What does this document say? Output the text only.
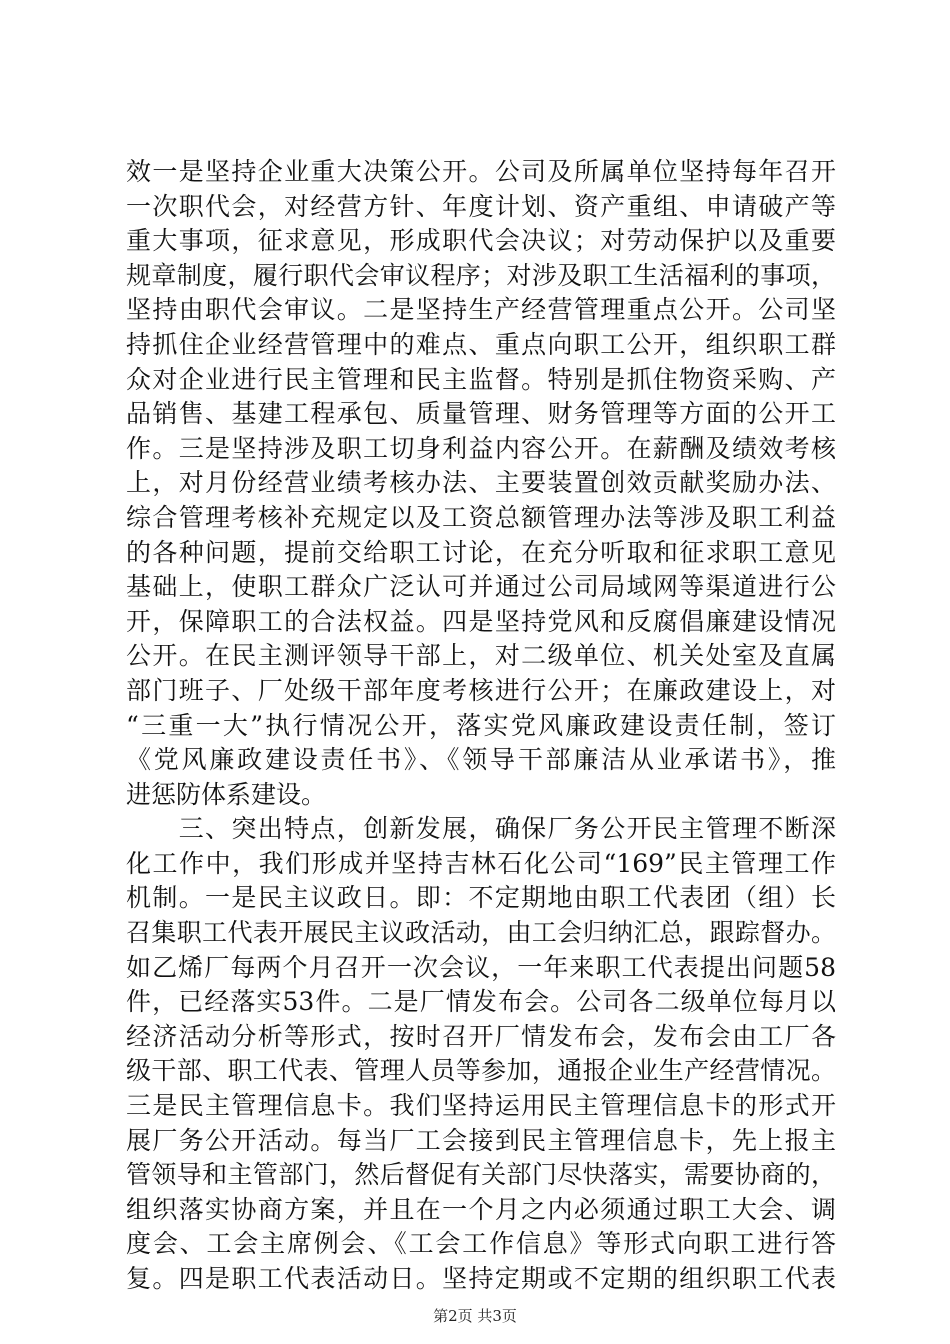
效一是坚持企业重大决策公开。公司及所属单位坚持每年召开
一次职代会，对经营方针、年度计划、资产重组、申请破产等
重大事项，征求意见，形成职代会决议；对劳动保护以及重要
规章制度，履行职代会审议程序；对涉及职工生活福利的事项，
坚持由职代会审议。二是坚持生产经营管理重点公开。公司坚
持抓住企业经营管理中的难点、重点向职工公开，组织职工群
众对企业进行民主管理和民主监督。特别是抓住物资采购、产
品销售、基建工程承包、质量管理、财务管理等方面的公开工
作。三是坚持涉及职工切身利益内容公开。在薪酬及绩效考核
上，对月份经营业绩考核办法、主要装置创效贡献奖励办法、
综合管理考核补充规定以及工资总额管理办法等涉及职工利益
的各种问题，提前交给职工讨论，在充分听取和征求职工意见
基础上，使职工群众广泛认可并通过公司局域网等渠道进行公
开，保障职工的合法权益。四是坚持党风和反腐倡廉建设情况
公开。在民主测评领导干部上，对二级单位、机关处室及直属
部门班子、厂处级干部年度考核进行公开；在廉政建设上，对
“三重一大”执行情况公开，落实党风廉政建设责任制，签订
《党风廉政建设责任书》、《领导干部廉洁从业承诺书》，推
进惩防体系建设。
　　三、突出特点，创新发展，确保厂务公开民主管理不断深
化工作中，我们形成并坚持吉林石化公司“169”民主管理工作
机制。一是民主议政日。即：不定期地由职工代表团（组）长
召集职工代表开展民主议政活动，由工会归纳汇总，跟踪督办。
如乙烯厂每两个月召开一次会议，一年来职工代表提出问题58
件，已经落实53件。二是厂情发布会。公司各二级单位每月以
经济活动分析等形式，按时召开厂情发布会，发布会由工厂各
级干部、职工代表、管理人员等参加，通报企业生产经营情况。
三是民主管理信息卡。我们坚持运用民主管理信息卡的形式开
展厂务公开活动。每当厂工会接到民主管理信息卡，先上报主
管领导和主管部门，然后督促有关部门尽快落实，需要协商的，
组织落实协商方案，并且在一个月之内必须通过职工大会、调
度会、工会主席例会、《工会工作信息》等形式向职工进行答
复。四是职工代表活动日。坚持定期或不定期的组织职工代表
第2页 共3页
